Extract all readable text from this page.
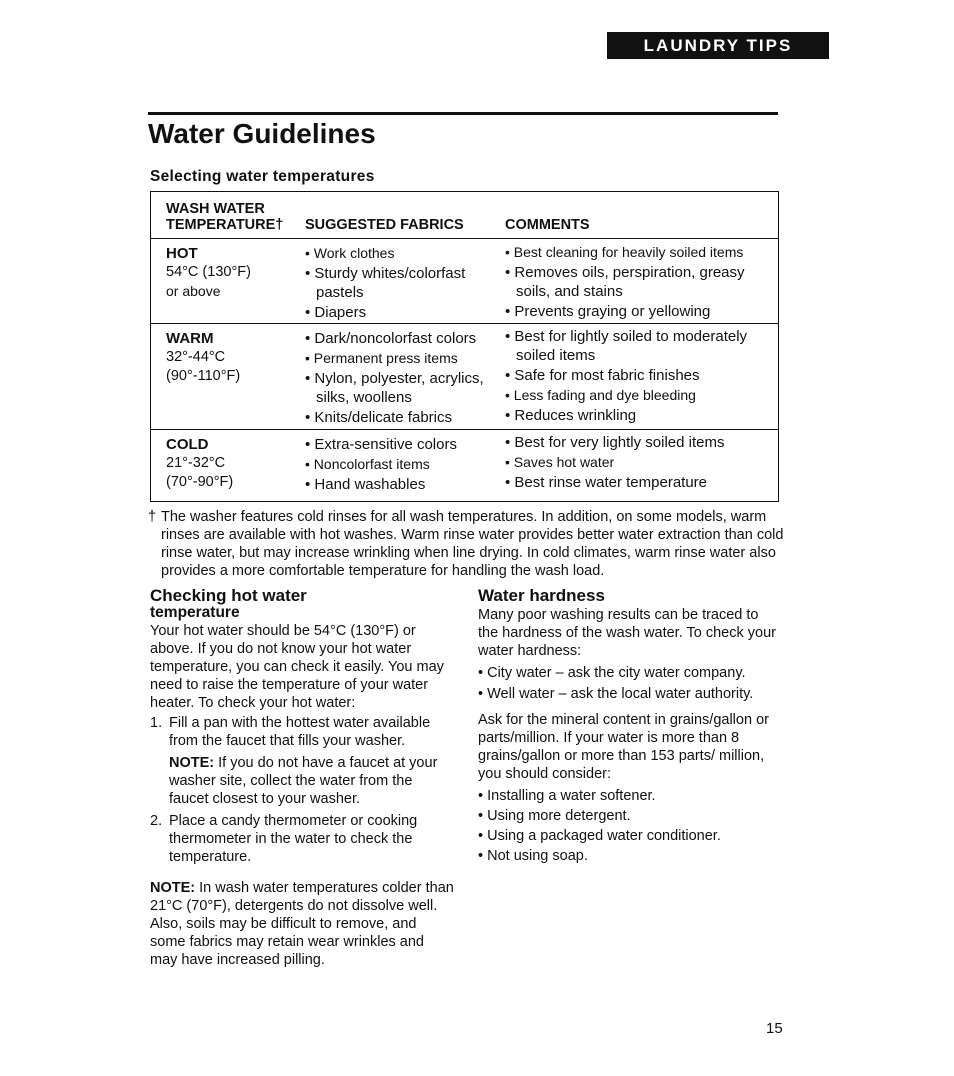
LAUNDRY TIPS
Water Guidelines
Selecting water temperatures
WASH WATER
TEMPERATURE†	SUGGESTED FABRICS	COMMENTS
HOT
54°C (130°F)
or above
• Work clothes
• Sturdy whites/colorfast pastels
• Diapers
• Best cleaning for heavily soiled items
• Removes oils, perspiration, greasy soils, and stains
• Prevents graying or yellowing
WARM
32°-44°C
(90°-110°F)
• Dark/noncolorfast colors
• Permanent press items
• Nylon, polyester, acrylics, silks, woollens
• Knits/delicate fabrics
• Best for lightly soiled to moderately soiled items
• Safe for most fabric finishes
• Less fading and dye bleeding
• Reduces wrinkling
COLD
21°-32°C
(70°-90°F)
• Extra-sensitive colors
• Noncolorfast items
• Hand washables
• Best for very lightly soiled items
• Saves hot water
• Best rinse water temperature

† The washer features cold rinses for all wash temperatures. In addition, on some models, warm rinses are available with hot washes. Warm rinse water provides better water extraction than cold rinse water, but may increase wrinkling when line drying. In cold climates, warm rinse water also provides a more comfortable temperature for handling the wash load.

Checking hot water
temperature

Your hot water should be 54°C (130°F) or above. If you do not know your hot water temperature, you can check it easily. You may need to raise the temperature of your water heater. To check your hot water:

1. Fill a pan with the hottest water available from the faucet that fills your washer.
NOTE: If you do not have a faucet at your washer site, collect the water from the faucet closest to your washer.
2. Place a candy thermometer or cooking thermometer in the water to check the temperature.

NOTE: In wash water temperatures colder than 21°C (70°F), detergents do not dissolve well. Also, soils may be difficult to remove, and some fabrics may retain wear wrinkles and may have increased pilling.

Water hardness

Many poor washing results can be traced to the hardness of the wash water. To check your water hardness:

• City water – ask the city water company.
• Well water – ask the local water authority.

Ask for the mineral content in grains/gallon or parts/million. If your water is more than 8 grains/gallon or more than 153 parts/ million, you should consider:

• Installing a water softener.
• Using more detergent.
• Using a packaged water conditioner.
• Not using soap.

15
